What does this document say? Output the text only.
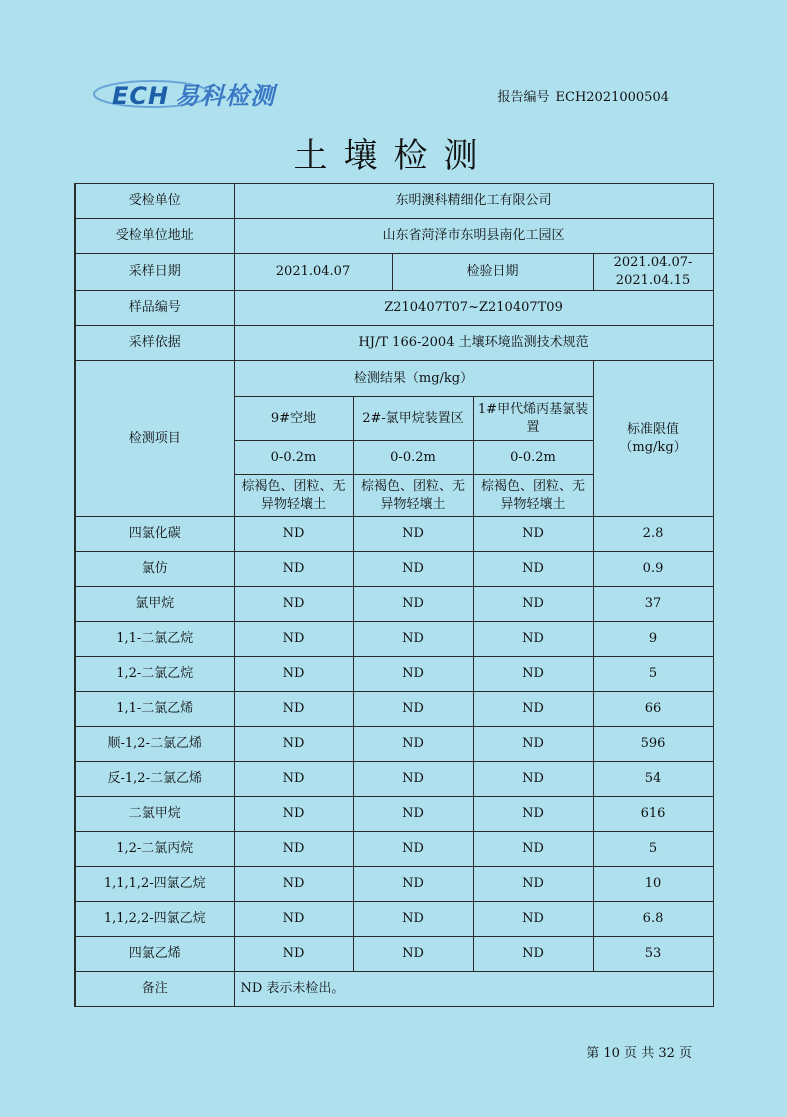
ECH 易科检测	报告编号 ECH2021000504
土壤检测
受检单位	东明澳科精细化工有限公司				
受检单位地址	山东省菏泽市东明县南化工园区				
采样日期	2021.04.07		检验日期		2021.04.07-2021.04.15
样品编号	Z210407T07~Z210407T09				
采样依据	HJ/T 166-2004 土壤环境监测技术规范				
检测项目	检测结果（mg/kg）				标准限值
（mg/kg）

	9#空地	2#-氯甲烷装置区		1#甲代烯丙基氯装置	
	0-0.2m	0-0.2m		0-0.2m	
	棕褐色、团粒、无异物轻壤土	棕褐色、团粒、无异物轻壤土		棕褐色、团粒、无异物轻壤土	
四氯化碳	ND	ND		ND	2.8
氯仿	ND	ND		ND	0.9
氯甲烷	ND	ND		ND	37
1,1-二氯乙烷	ND	ND		ND	9
1,2-二氯乙烷	ND	ND		ND	5
1,1-二氯乙烯	ND	ND		ND	66
顺-1,2-二氯乙烯	ND	ND		ND	596
反-1,2-二氯乙烯	ND	ND		ND	54
二氯甲烷	ND	ND		ND	616
1,2-二氯丙烷	ND	ND		ND	5
1,1,1,2-四氯乙烷	ND	ND		ND	10
1,1,2,2-四氯乙烷	ND	ND		ND	6.8
四氯乙烯	ND	ND		ND	53
备注	ND 表示未检出。				
第 10 页 共 32 页
